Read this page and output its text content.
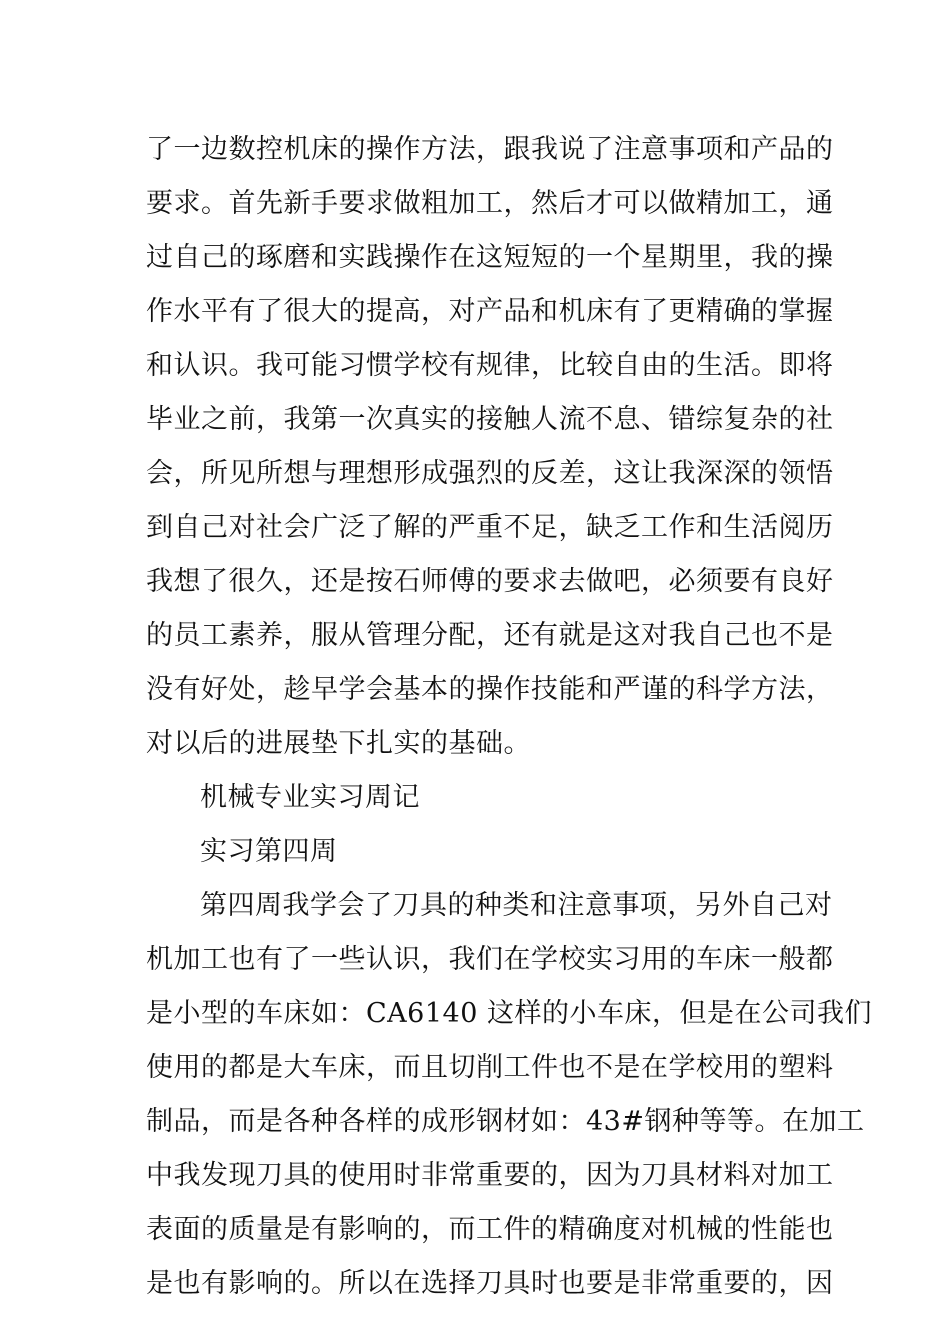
了一边数控机床的操作方法，跟我说了注意事项和产品的
要求。首先新手要求做粗加工，然后才可以做精加工，通
过自己的琢磨和实践操作在这短短的一个星期里，我的操
作水平有了很大的提高，对产品和机床有了更精确的掌握
和认识。我可能习惯学校有规律，比较自由的生活。即将
毕业之前，我第一次真实的接触人流不息、错综复杂的社
会，所见所想与理想形成强烈的反差，这让我深深的领悟
到自己对社会广泛了解的严重不足，缺乏工作和生活阅历
我想了很久，还是按石师傅的要求去做吧，必须要有良好
的员工素养，服从管理分配，还有就是这对我自己也不是
没有好处，趁早学会基本的操作技能和严谨的科学方法，
对以后的进展垫下扎实的基础。
机械专业实习周记
实习第四周
第四周我学会了刀具的种类和注意事项，另外自己对
机加工也有了一些认识，我们在学校实习用的车床一般都
是小型的车床如：CA6140 这样的小车床，但是在公司我们
使用的都是大车床，而且切削工件也不是在学校用的塑料
制品，而是各种各样的成形钢材如：43#钢种等等。在加工
中我发现刀具的使用时非常重要的，因为刀具材料对加工
表面的质量是有影响的，而工件的精确度对机械的性能也
是也有影响的。所以在选择刀具时也要是非常重要的，因
